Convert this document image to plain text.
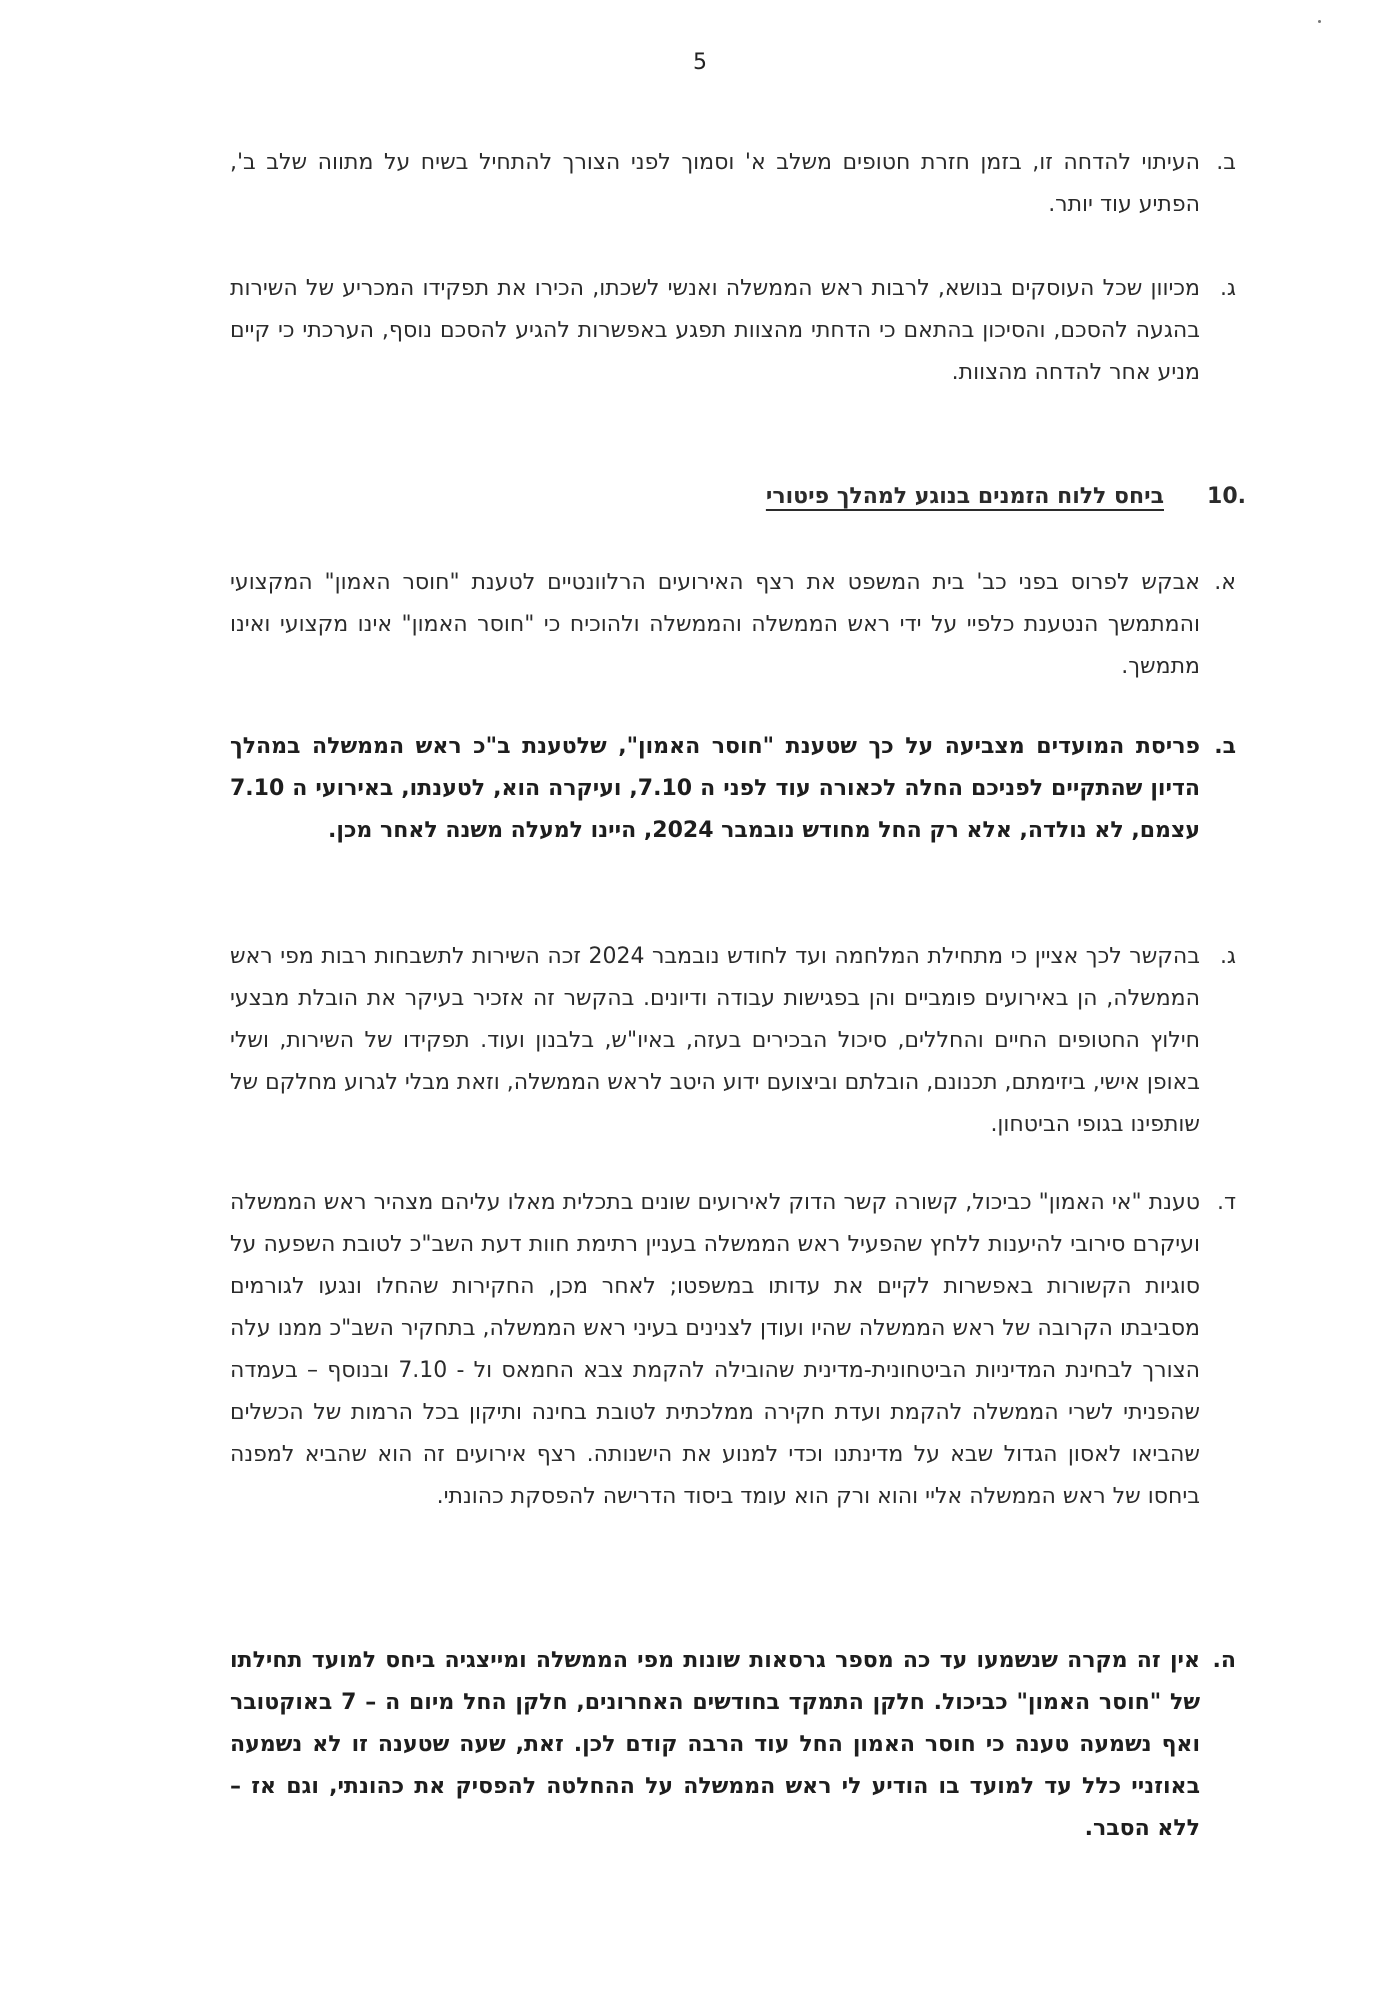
5
ב.

העיתוי להדחה זו, בזמן חזרת חטופים משלב א' וסמוך לפני הצורך להתחיל בשיח על מתווה שלב ב', הפתיע עוד יותר.

ג.

מכיוון שכל העוסקים בנושא, לרבות ראש הממשלה ואנשי לשכתו, הכירו את תפקידו המכריע של השירות בהגעה להסכם, והסיכון בהתאם כי הדחתי מהצוות תפגע באפשרות להגיע להסכם נוסף, הערכתי כי קיים מניע אחר להדחה מהצוות.

10.
ביחס ללוח הזמנים בנוגע למהלך פיטורי
א.

אבקש לפרוס בפני כב' בית המשפט את רצף האירועים הרלוונטיים לטענת "חוסר האמון" המקצועי והמתמשך הנטענת כלפיי על ידי ראש הממשלה והממשלה ולהוכיח כי "חוסר האמון" אינו מקצועי ואינו מתמשך.

ב.

פריסת המועדים מצביעה על כך שטענת "חוסר האמון", שלטענת ב"כ ראש הממשלה במהלך הדיון שהתקיים לפניכם החלה לכאורה עוד לפני ה 7.10, ועיקרה הוא, לטענתו, באירועי ה 7.10 עצמם, לא נולדה, אלא רק החל מחודש נובמבר 2024, היינו למעלה משנה לאחר מכן.

ג.

בהקשר לכך אציין כי מתחילת המלחמה ועד לחודש נובמבר 2024 זכה השירות לתשבחות רבות מפי ראש הממשלה, הן באירועים פומביים והן בפגישות עבודה ודיונים. בהקשר זה אזכיר בעיקר את הובלת מבצעי חילוץ החטופים החיים והחללים, סיכול הבכירים בעזה, באיו"ש, בלבנון ועוד. תפקידו של השירות, ושלי באופן אישי, ביזימתם, תכנונם, הובלתם וביצועם ידוע היטב לראש הממשלה, וזאת מבלי לגרוע מחלקם של שותפינו בגופי הביטחון.

ד.

טענת "אי האמון" כביכול, קשורה קשר הדוק לאירועים שונים בתכלית מאלו עליהם מצהיר ראש הממשלה ועיקרם סירובי להיענות ללחץ שהפעיל ראש הממשלה בעניין רתימת חוות דעת השב"כ לטובת השפעה על סוגיות הקשורות באפשרות לקיים את עדותו במשפטו; לאחר מכן, החקירות שהחלו ונגעו לגורמים מסביבתו הקרובה של ראש הממשלה שהיו ועודן לצנינים בעיני ראש הממשלה, בתחקיר השב"כ ממנו עלה הצורך לבחינת המדיניות הביטחונית-מדינית שהובילה להקמת צבא החמאס ול - 7.10 ובנוסף – בעמדה שהפניתי לשרי הממשלה להקמת ועדת חקירה ממלכתית לטובת בחינה ותיקון בכל הרמות של הכשלים שהביאו לאסון הגדול שבא על מדינתנו וכדי למנוע את הישנותה. רצף אירועים זה הוא שהביא למפנה ביחסו של ראש הממשלה אליי והוא ורק הוא עומד ביסוד הדרישה להפסקת כהונתי.

ה.

אין זה מקרה שנשמעו עד כה מספר גרסאות שונות מפי הממשלה ומייצגיה ביחס למועד תחילתו של "חוסר האמון" כביכול. חלקן התמקד בחודשים האחרונים, חלקן החל מיום ה – 7 באוקטובר ואף נשמעה טענה כי חוסר האמון החל עוד הרבה קודם לכן. זאת, שעה שטענה זו לא נשמעה באוזניי כלל עד למועד בו הודיע לי ראש הממשלה על ההחלטה להפסיק את כהונתי, וגם אז – ללא הסבר.
